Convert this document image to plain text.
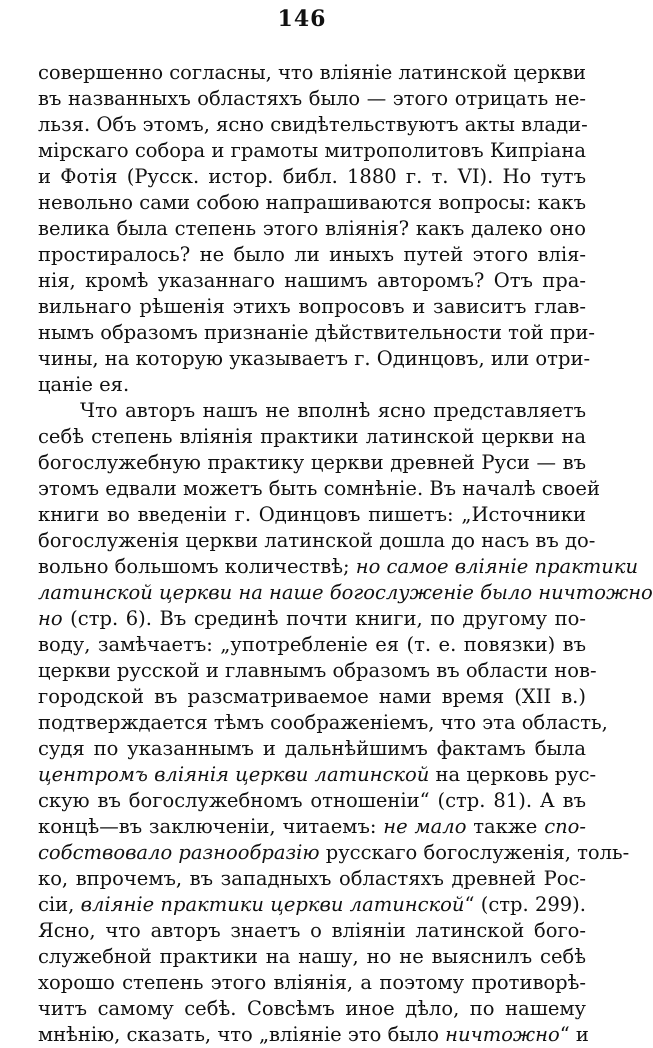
146
совершенно согласны, что вліяніе латинской церкви
въ названныхъ областяхъ было — этого отрицать не-
льзя. Объ этомъ, ясно свидѣтельствуютъ акты влади-
мірскаго собора и грамоты митрополитовъ Кипріана
и Фотія (Русск. истор. библ. 1880 г. т. VI). Но тутъ
невольно сами собою напрашиваются вопросы: какъ
велика была степень этого вліянія? какъ далеко оно
простиралось? не было ли иныхъ путей этого влія-
нія, кромѣ указаннаго нашимъ авторомъ? Отъ пра-
вильнаго рѣшенія этихъ вопросовъ и зависитъ глав-
нымъ образомъ признаніе дѣйствительности той при-
чины, на которую указываетъ г. Одинцовъ, или отри-
цаніе ея.
Что авторъ нашъ не вполнѣ ясно представляетъ
себѣ степень вліянія практики латинской церкви на
богослужебную практику церкви древней Руси — въ
этомъ едвали можетъ быть сомнѣніе. Въ началѣ своей
книги во введеніи г. Одинцовъ пишетъ: „Источники
богослуженія церкви латинской дошла до насъ въ до-
вольно большомъ количествѣ; но самое вліяніе практики
латинской церкви на наше богослуженіе было ничтожно
но (стр. 6). Въ срединѣ почти книги, по другому по-
воду, замѣчаетъ: „употребленіе ея (т. е. повязки) въ
церкви русской и главнымъ образомъ въ области нов-
городской въ разсматриваемое нами время (XII в.)
подтверждается тѣмъ соображеніемъ, что эта область,
судя по указаннымъ и дальнѣйшимъ фактамъ была
центромъ вліянія церкви латинской на церковь рус-
скую въ богослужебномъ отношеніи“ (стр. 81). А въ
концѣ—въ заключеніи, читаемъ: не мало также спо-
собствовало разнообразію русскаго богослуженія, толь-
ко, впрочемъ, въ западныхъ областяхъ древней Рос-
сіи, вліяніе практики церкви латинской“ (стр. 299).
Ясно, что авторъ знаетъ о вліяніи латинской бого-
служебной практики на нашу, но не выяснилъ себѣ
хорошо степень этого вліянія, а поэтому противорѣ-
читъ самому себѣ. Совсѣмъ иное дѣло, по нашему
мнѣнію, сказать, что „вліяніе это было ничтожно“ и
